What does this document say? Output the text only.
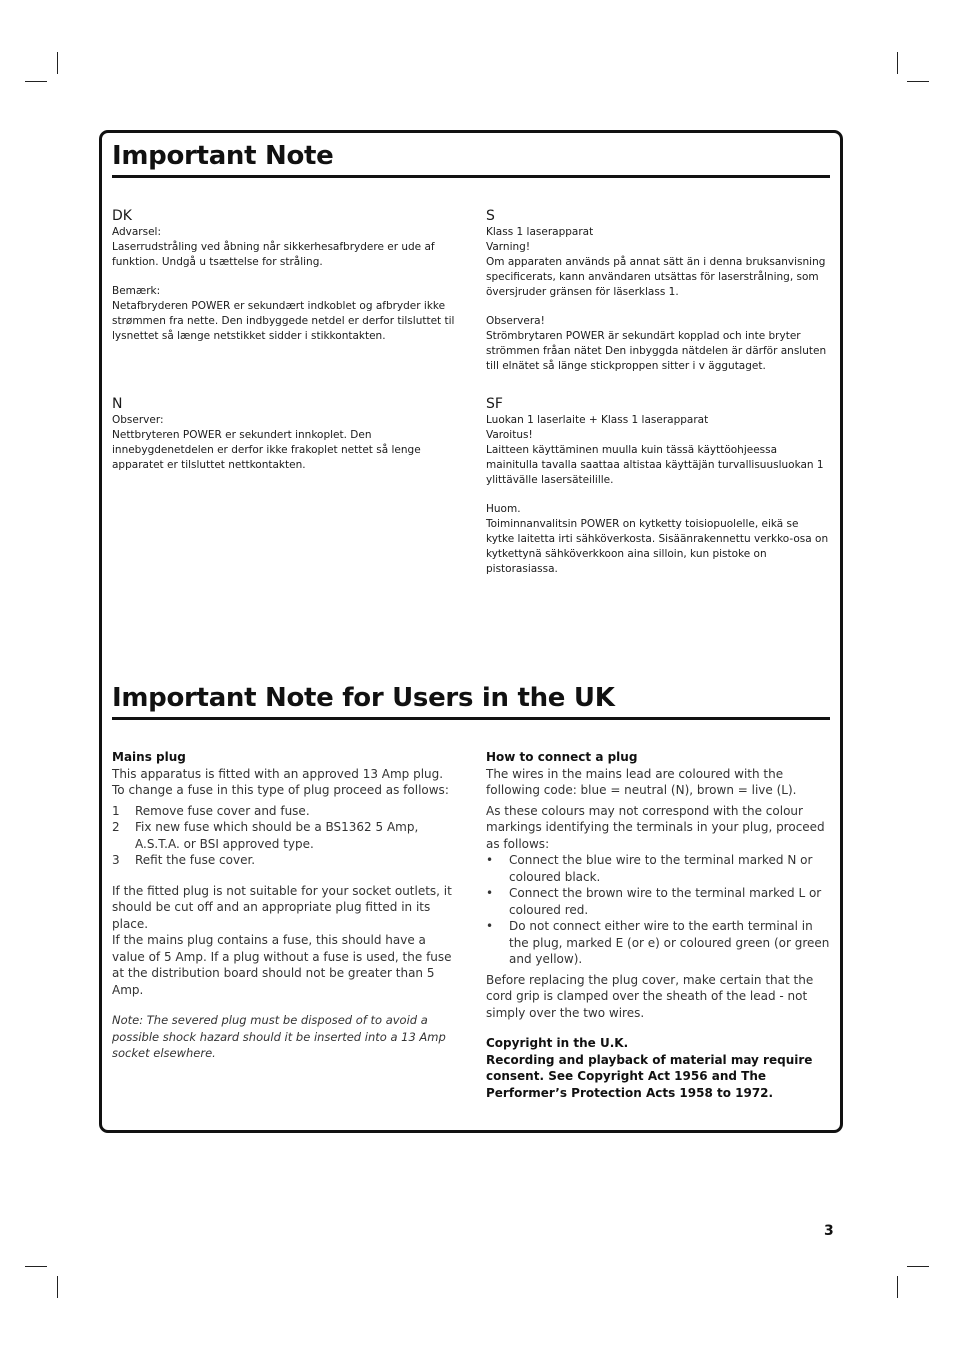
Important Note

DK

Advarsel:

Laserrudstråling ved åbning når sikkerhesafbrydere er ude af funktion. Undgå u tsættelse for stråling.

Bemærk:

Netafbryderen POWER er sekundært indkoblet og afbryder ikke strømmen fra nette. Den indbyggede netdel er derfor tilsluttet til lysnettet så længe netstikket sidder i stikkontakten.

N

Observer:

Nettbryteren POWER er sekundert innkoplet. Den innebygdenetdelen er derfor ikke frakoplet nettet så lenge apparatet er tilsluttet nettkontakten.

S

Klass 1 laserapparat

Varning!

Om apparaten används på annat sätt än i denna bruksanvisning specificerats, kann användaren utsättas för laserstrålning, som översjruder gränsen för läserklass 1.

Observera!

Strömbrytaren POWER är sekundärt kopplad och inte bryter strömmen fråan nätet Den inbyggda nätdelen är därför ansluten till elnätet så länge stickproppen sitter i v äggutaget.

SF

Luokan 1 laserlaite + Klass 1 laserapparat

Varoitus!

Laitteen käyttäminen muulla kuin tässä käyttöohjeessa mainitulla tavalla saattaa altistaa käyttäjän turvallisuusluokan 1 ylittävälle lasersäteilille.

Huom.

Toiminnanvalitsin POWER on kytketty toisiopuolelle, eikä se kytke laitetta irti sähköverkosta. Sisäänrakennettu verkko-osa on kytkettynä sähköverkkoon aina silloin, kun pistoke on pistorasiassa.

Important Note for Users in the UK

Mains plug

This apparatus is fitted with an approved 13 Amp plug. To change a fuse in this type of plug proceed as follows:

1 Remove fuse cover and fuse.
2 Fix new fuse which should be a BS1362 5 Amp, A.S.T.A. or BSI approved type.
3 Refit the fuse cover.

If the fitted plug is not suitable for your socket outlets, it should be cut off and an appropriate plug fitted in its place.

If the mains plug contains a fuse, this should have a value of 5 Amp. If a plug without a fuse is used, the fuse at the distribution board should not be greater than 5 Amp.

Note: The severed plug must be disposed of to avoid a possible shock hazard should it be inserted into a 13 Amp socket elsewhere.

How to connect a plug

The wires in the mains lead are coloured with the following code: blue = neutral (N), brown = live (L).

As these colours may not correspond with the colour markings identifying the terminals in your plug, proceed as follows:

• Connect the blue wire to the terminal marked N or coloured black.
• Connect the brown wire to the terminal marked L or coloured red.
• Do not connect either wire to the earth terminal in the plug, marked E (or e) or coloured green (or green and yellow).

Before replacing the plug cover, make certain that the cord grip is clamped over the sheath of the lead - not simply over the two wires.

Copyright in the U.K.

Recording and playback of material may require consent. See Copyright Act 1956 and The Performer’s Protection Acts 1958 to 1972.

3
